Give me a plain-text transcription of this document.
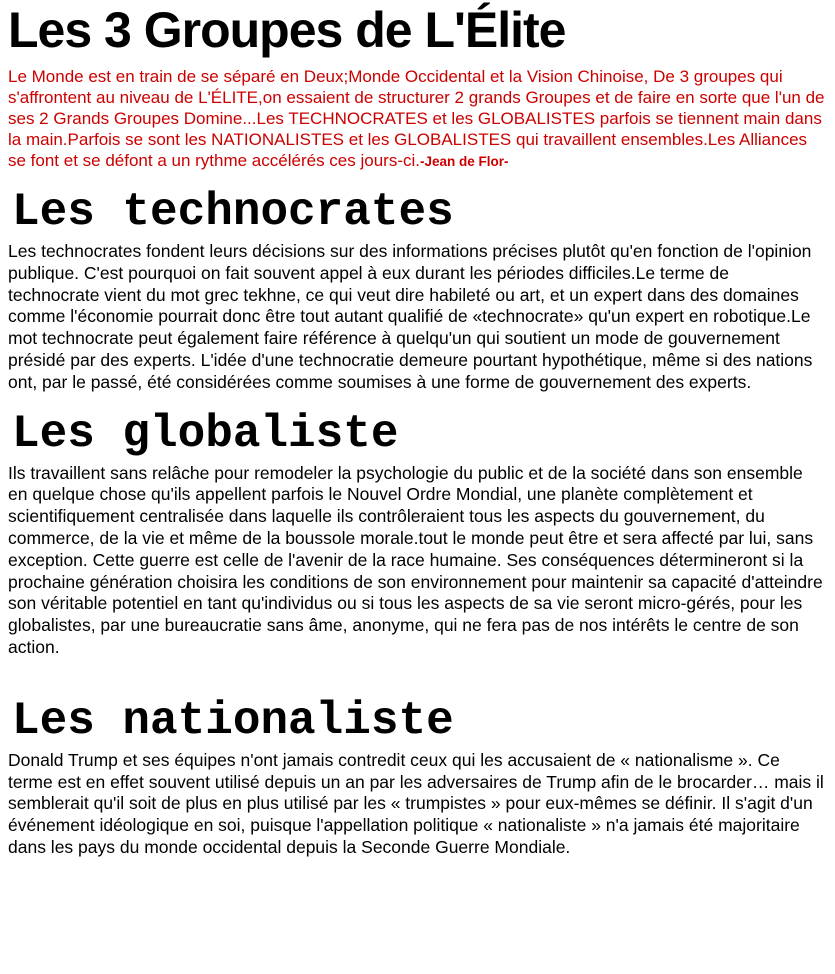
Les 3 Groupes de L'Élite

Le Monde est en train de se séparé en Deux;Monde Occidental et la Vision Chinoise, De 3 groupes qui s'affrontent au niveau de L'ÉLITE,on essaient de structurer 2 grands Groupes et de faire en sorte que l'un de ses 2 Grands Groupes Domine...Les TECHNOCRATES et les GLOBALISTES parfois se tiennent main dans la main.Parfois se sont les NATIONALISTES et les GLOBALISTES qui travaillent ensembles.Les Alliances se font et se défont a un rythme accélérés ces jours-ci.-Jean de Flor-

Les technocrates

Les technocrates fondent leurs décisions sur des informations précises plutôt qu'en fonction de l'opinion publique. C'est pourquoi on fait souvent appel à eux durant les périodes difficiles.Le terme de technocrate vient du mot grec tekhne, ce qui veut dire habileté ou art, et un expert dans des domaines comme l'économie pourrait donc être tout autant qualifié de «technocrate» qu'un expert en robotique.Le mot technocrate peut également faire référence à quelqu'un qui soutient un mode de gouvernement présidé par des experts. L'idée d'une technocratie demeure pourtant hypothétique, même si des nations ont, par le passé, été considérées comme soumises à une forme de gouvernement des experts.

Les globaliste

Ils travaillent sans relâche pour remodeler la psychologie du public et de la société dans son ensemble en quelque chose qu'ils appellent parfois le Nouvel Ordre Mondial, une planète complètement et scientifiquement centralisée dans laquelle ils contrôleraient tous les aspects du gouvernement, du commerce, de la vie et même de la boussole morale.tout le monde peut être et sera affecté par lui, sans exception. Cette guerre est celle de l'avenir de la race humaine. Ses conséquences détermineront si la prochaine génération choisira les conditions de son environnement pour maintenir sa capacité d'atteindre son véritable potentiel en tant qu'individus ou si tous les aspects de sa vie seront micro-gérés, pour les globalistes, par une bureaucratie sans âme, anonyme, qui ne fera pas de nos intérêts le centre de son action.

Les nationaliste

Donald Trump et ses équipes n'ont jamais contredit ceux qui les accusaient de « nationalisme ». Ce terme est en effet souvent utilisé depuis un an par les adversaires de Trump afin de le brocarder… mais il semblerait qu'il soit de plus en plus utilisé par les « trumpistes » pour eux-mêmes se définir. Il s'agit d'un événement idéologique en soi, puisque l'appellation politique « nationaliste » n'a jamais été majoritaire dans les pays du monde occidental depuis la Seconde Guerre Mondiale.
